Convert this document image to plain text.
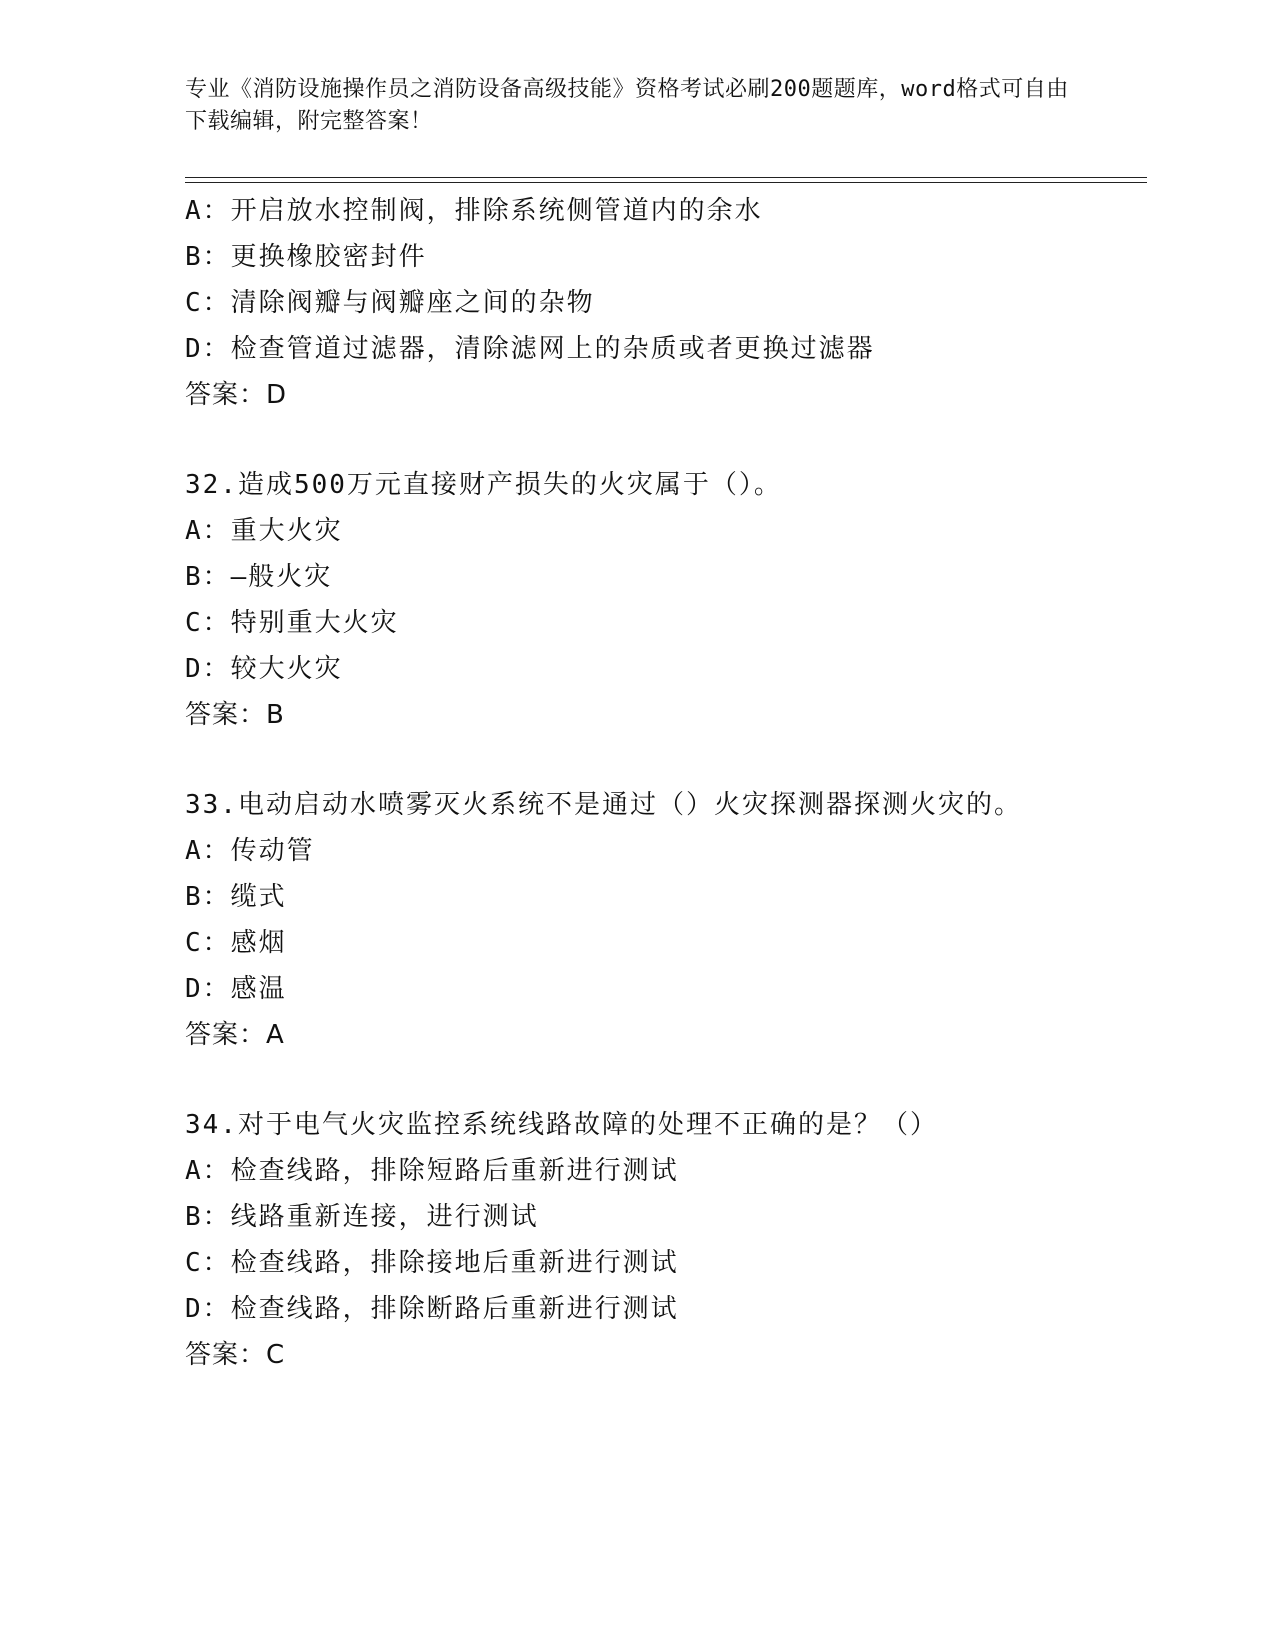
专业《消防设施操作员之消防设备高级技能》资格考试必刷200题题库，word格式可自由下载编辑，附完整答案！
A：开启放水控制阀，排除系统侧管道内的余水
B：更换橡胶密封件
C：清除阀瓣与阀瓣座之间的杂物
D：检查管道过滤器，清除滤网上的杂质或者更换过滤器
答案：D
32.造成500万元直接财产损失的火灾属于（）。
A：重大火灾
B：—般火灾
C：特别重大火灾
D：较大火灾
答案：B
33.电动启动水喷雾灭火系统不是通过（）火灾探测器探测火灾的。
A：传动管
B：缆式
C：感烟
D：感温
答案：A
34.对于电气火灾监控系统线路故障的处理不正确的是？（）
A：检查线路，排除短路后重新进行测试
B：线路重新连接，进行测试
C：检查线路，排除接地后重新进行测试
D：检查线路，排除断路后重新进行测试
答案：C
